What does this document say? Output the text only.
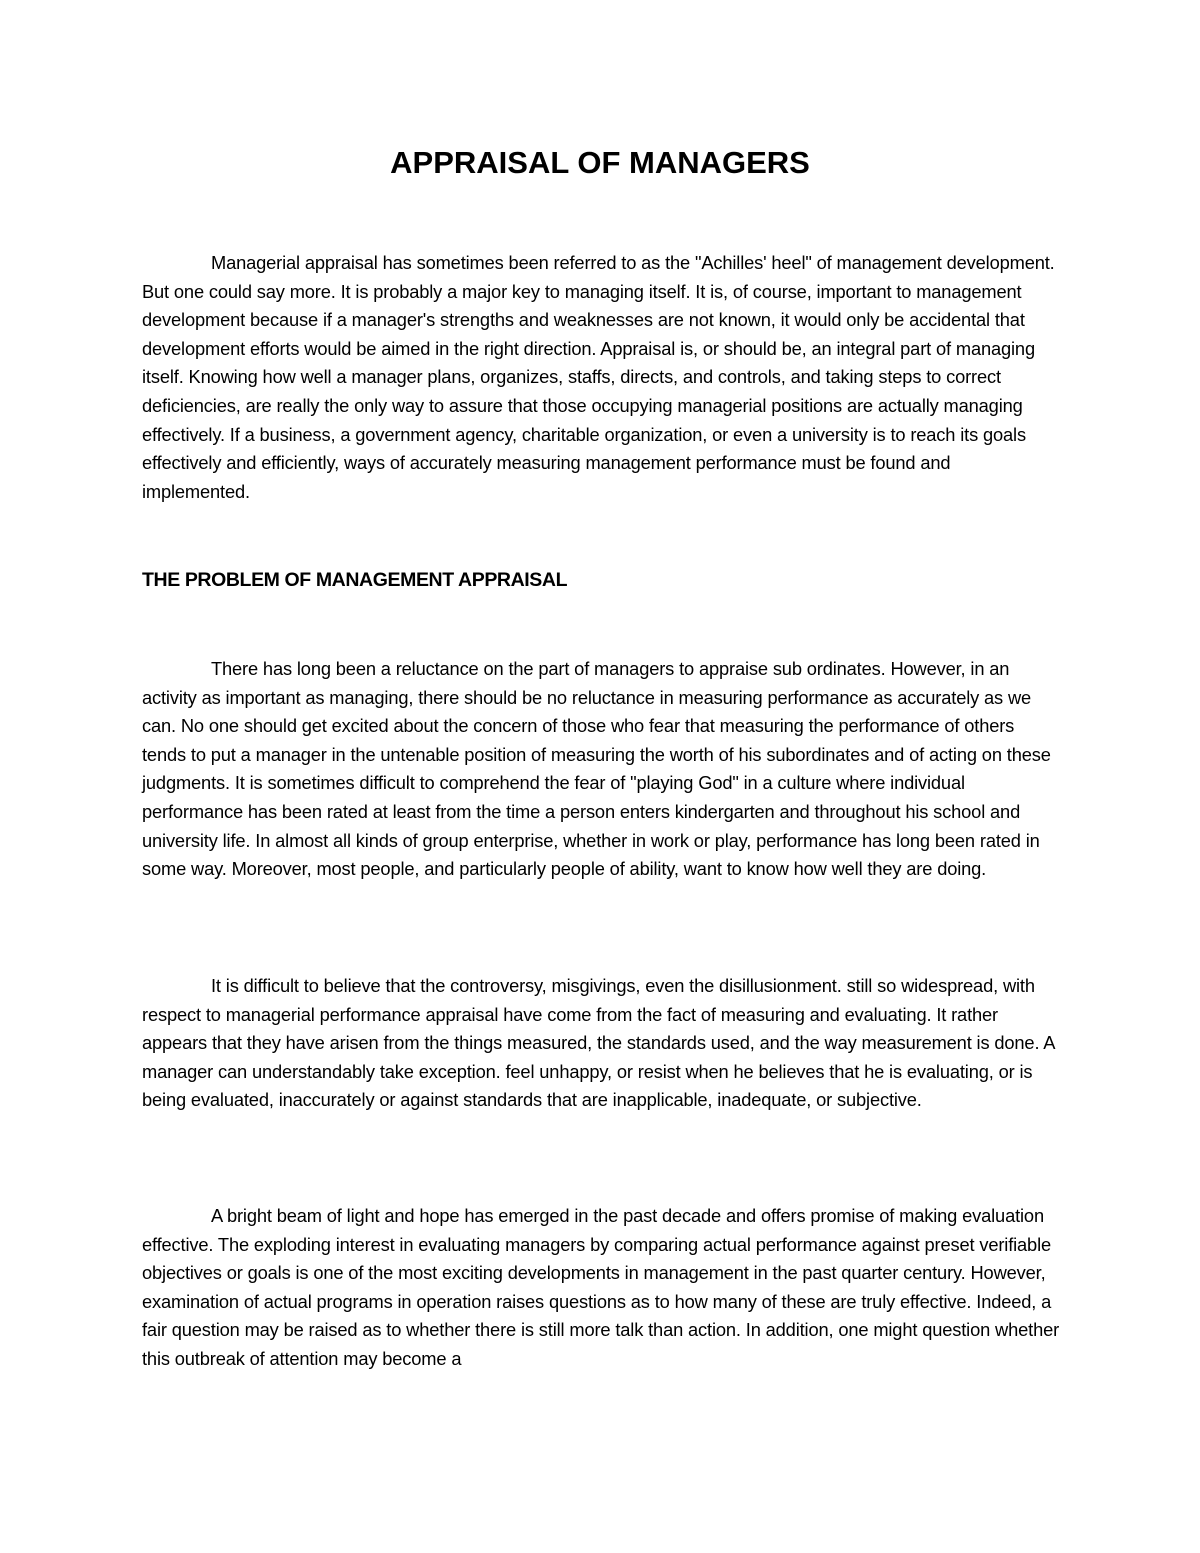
APPRAISAL OF MANAGERS

Managerial appraisal has sometimes been referred to as the "Achilles' heel" of management development. But one could say more. It is probably a major key to managing itself. It is, of course, important to management development because if a manager's strengths and weaknesses are not known, it would only be accidental that development efforts would be aimed in the right direction. Appraisal is, or should be, an integral part of managing itself. Knowing how well a manager plans, organizes, staffs, directs, and controls, and taking steps to correct deficiencies, are really the only way to assure that those occupying managerial positions are actually managing effectively. If a business, a government agency, charitable organization, or even a university is to reach its goals effectively and efficiently, ways of accurately measuring management performance must be found and implemented.

THE PROBLEM OF MANAGEMENT APPRAISAL

There has long been a reluctance on the part of managers to appraise sub ordinates. However, in an activity as important as managing, there should be no reluctance in measuring performance as accurately as we can. No one should get excited about the concern of those who fear that measuring the performance of others tends to put a manager in the untenable position of measuring the worth of his subordinates and of acting on these judgments. It is sometimes difficult to comprehend the fear of "playing God" in a culture where individual performance has been rated at least from the time a person enters kindergarten and throughout his school and university life. In almost all kinds of group enterprise, whether in work or play, performance has long been rated in some way. Moreover, most people, and particularly people of ability, want to know how well they are doing.

It is difficult to believe that the controversy, misgivings, even the disillusionment. still so widespread, with respect to managerial performance appraisal have come from the fact of measuring and evaluating. It rather appears that they have arisen from the things measured, the standards used, and the way measurement is done. A manager can understandably take exception. feel unhappy, or resist when he believes that he is evaluating, or is being evaluated, inaccurately or against standards that are inapplicable, inadequate, or subjective.

A bright beam of light and hope has emerged in the past decade and offers promise of making evaluation effective. The exploding interest in evaluating managers by comparing actual performance against preset verifiable objectives or goals is one of the most exciting developments in management in the past quarter century. However, examination of actual programs in operation raises questions as to how many of these are truly effective. Indeed, a fair question may be raised as to whether there is still more talk than action. In addition, one might question whether this outbreak of attention may become a
